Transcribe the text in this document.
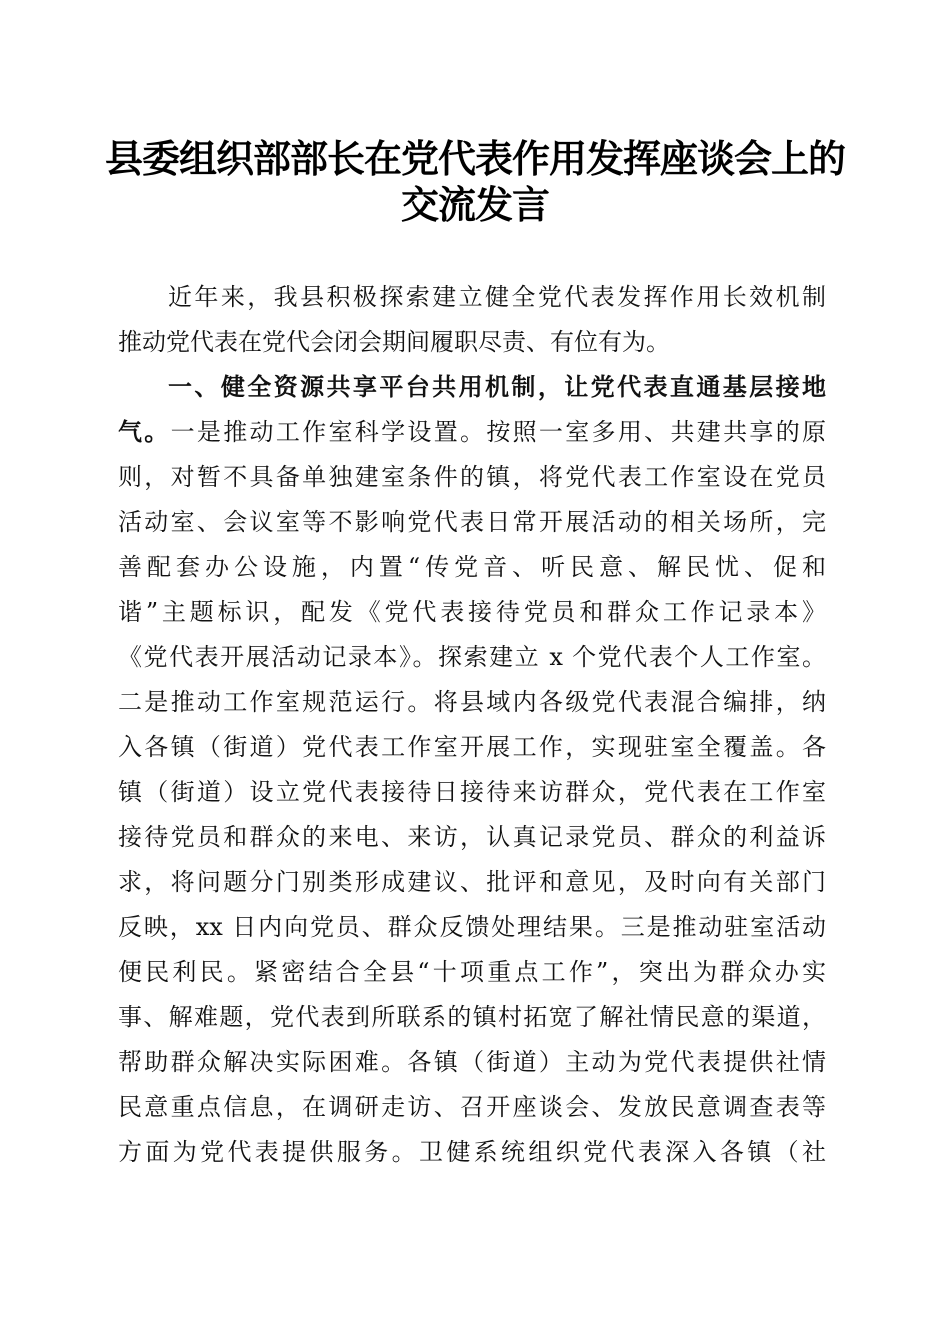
县委组织部部长在党代表作用发挥座谈会上的
交流发言
近年来，我县积极探索建立健全党代表发挥作用长效机制
推动党代表在党代会闭会期间履职尽责、有位有为。
一、健全资源共享平台共用机制，让党代表直通基层接地
气。一是推动工作室科学设置。按照一室多用、共建共享的原
则，对暂不具备单独建室条件的镇，将党代表工作室设在党员
活动室、会议室等不影响党代表日常开展活动的相关场所，完
善配套办公设施，内置“传党音、听民意、解民忧、促和
谐”主题标识，配发《党代表接待党员和群众工作记录本》
《党代表开展活动记录本》。探索建立 x 个党代表个人工作室。
二是推动工作室规范运行。将县域内各级党代表混合编排，纳
入各镇（街道）党代表工作室开展工作，实现驻室全覆盖。各
镇（街道）设立党代表接待日接待来访群众，党代表在工作室
接待党员和群众的来电、来访，认真记录党员、群众的利益诉
求，将问题分门别类形成建议、批评和意见，及时向有关部门
反映，xx 日内向党员、群众反馈处理结果。三是推动驻室活动
便民利民。紧密结合全县“十项重点工作”，突出为群众办实
事、解难题，党代表到所联系的镇村拓宽了解社情民意的渠道，
帮助群众解决实际困难。各镇（街道）主动为党代表提供社情
民意重点信息，在调研走访、召开座谈会、发放民意调查表等
方面为党代表提供服务。卫健系统组织党代表深入各镇（社
